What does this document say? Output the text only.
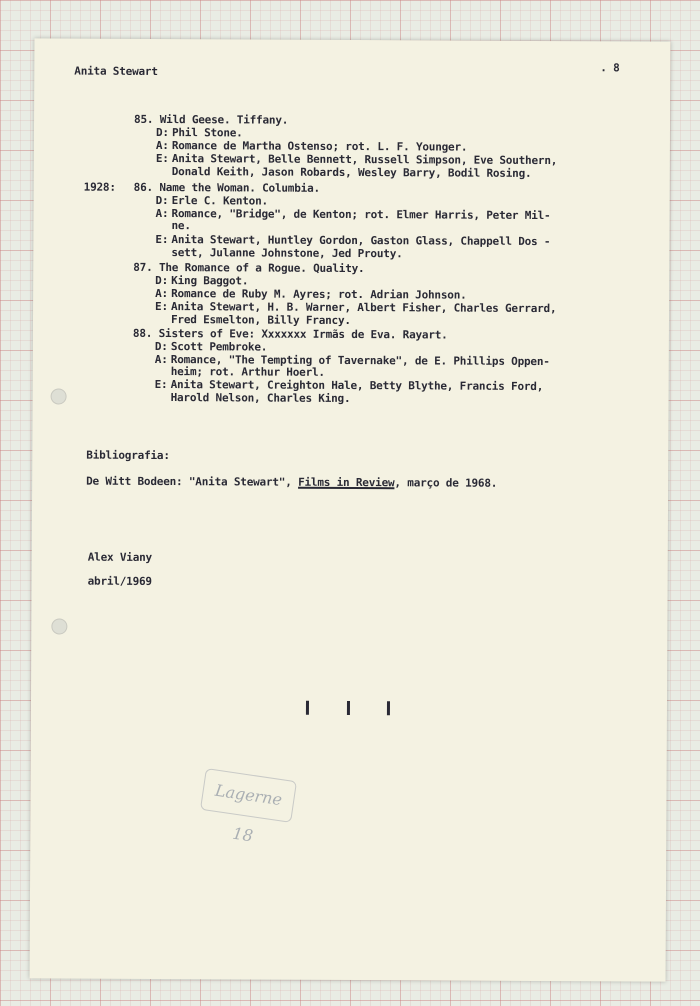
Anita Stewart	. 8
85. Wild Geese. Tiffany.
D: Phil Stone.
A: Romance de Martha Ostenso; rot. L. F. Younger.
E: Anita Stewart, Belle Bennett, Russell Simpson, Eve Southern,
Donald Keith, Jason Robards, Wesley Barry, Bodil Rosing.
1928: 86. Name the Woman. Columbia.
D: Erle C. Kenton.
A: Romance, "Bridge", de Kenton; rot. Elmer Harris, Peter Mil-
ne.
E: Anita Stewart, Huntley Gordon, Gaston Glass, Chappell Dos -
sett, Julanne Johnstone, Jed Prouty.
87. The Romance of a Rogue. Quality.
D: King Baggot.
A: Romance de Ruby M. Ayres; rot. Adrian Johnson.
E: Anita Stewart, H. B. Warner, Albert Fisher, Charles Gerrard,
Fred Esmelton, Billy Francy.
88. Sisters of Eve: Xxxxxxx Irmãs de Eva. Rayart.
D: Scott Pembroke.
A: Romance, "The Tempting of Tavernake", de E. Phillips Oppen-
heim; rot. Arthur Hoerl.
E: Anita Stewart, Creighton Hale, Betty Blythe, Francis Ford,
Harold Nelson, Charles King.
Bibliografia:
De Witt Bodeen: "Anita Stewart", Films in Review, março de 1968.
Alex Viany
abril/1969

Lagerne 18
